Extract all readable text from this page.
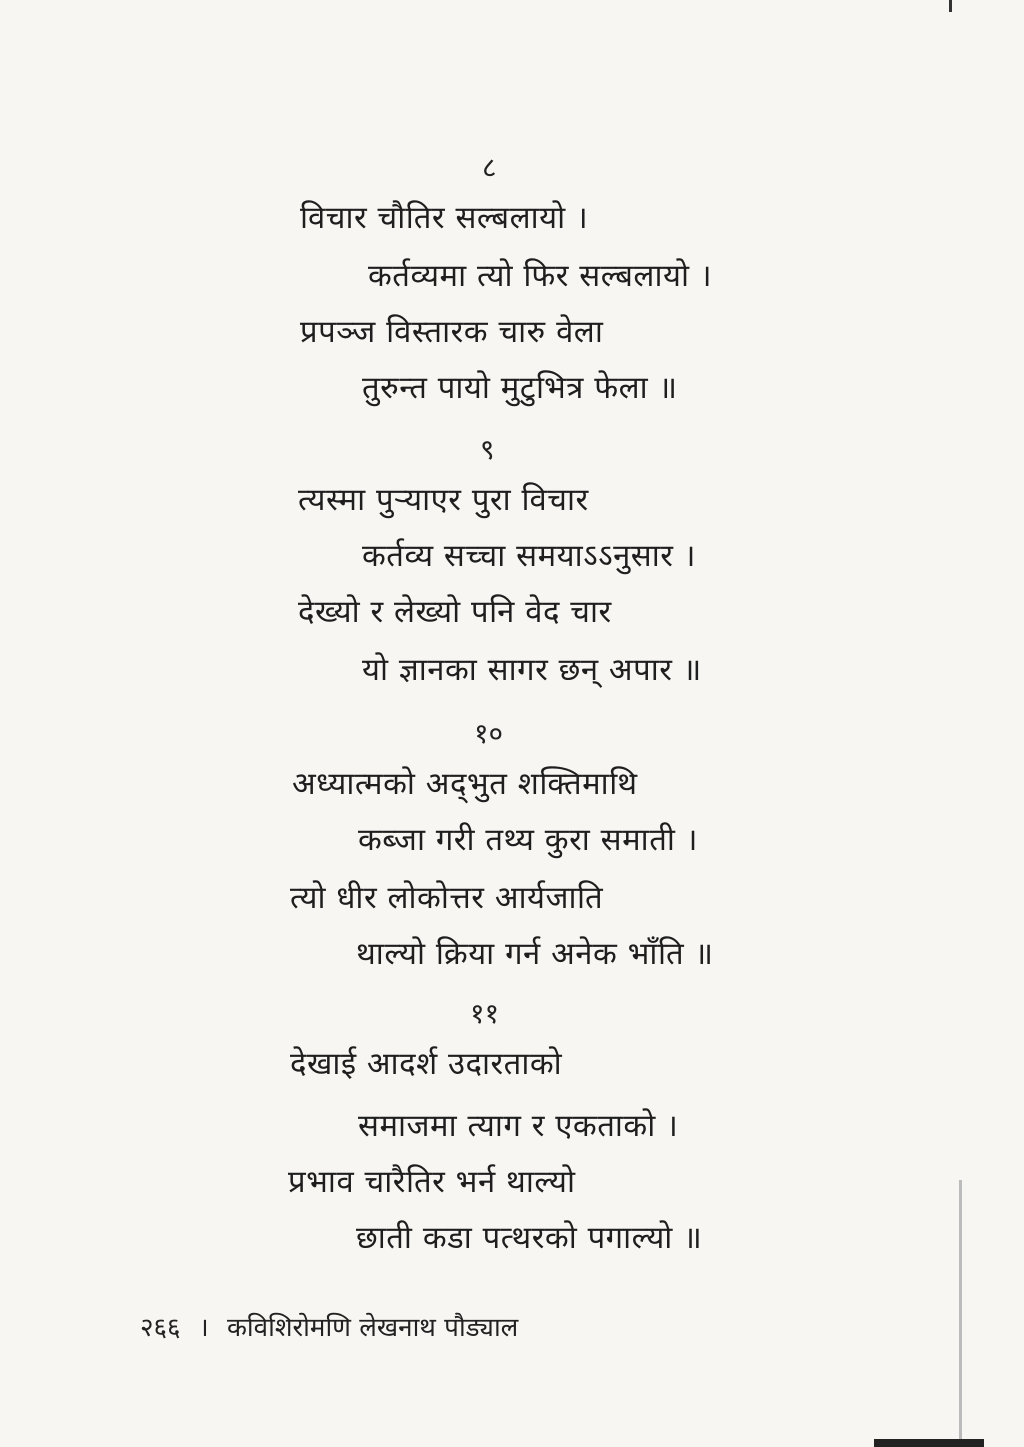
८
विचार चौतिर सल्बलायो ।
कर्तव्यमा त्यो फिर सल्बलायो ।
प्रपञ्ज विस्तारक चारु वेला
तुरुन्त पायो मुटुभित्र फेला ॥
९
त्यस्मा पुऱ्याएर पुरा विचार
कर्तव्य सच्चा समयाऽऽनुसार ।
देख्यो र लेख्यो पनि वेद चार
यो ज्ञानका सागर छन् अपार ॥
१०
अध्यात्मको अद्‌भुत शक्तिमाथि
कब्जा गरी तथ्य कुरा समाती ।
त्यो धीर लोकोत्तर आर्यजाति
थाल्यो क्रिया गर्न अनेक भाँति ॥
११
देखाई आदर्श उदारताको
समाजमा त्याग र एकताको ।
प्रभाव चारैतिर भर्न थाल्यो
छाती कडा पत्थरको पगाल्यो ॥
२६६ । कविशिरोमणि लेखनाथ पौड्याल
